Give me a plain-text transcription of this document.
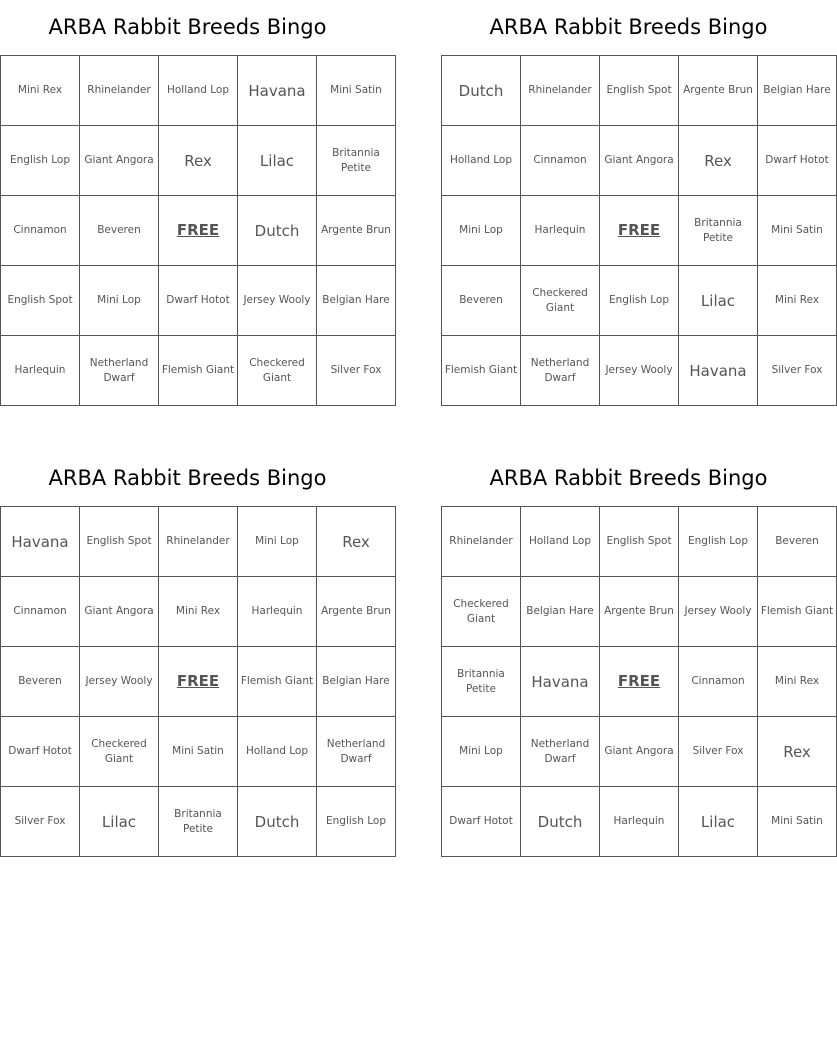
ARBA Rabbit Breeds Bingo
Mini Rex	Rhinelander	Holland Lop	Havana	Mini Satin
English Lop	Giant Angora	Rex	Lilac	Britannia Petite
Cinnamon	Beveren	FREE	Dutch	Argente Brun
English Spot	Mini Lop	Dwarf Hotot	Jersey Wooly	Belgian Hare
Harlequin	Netherland Dwarf	Flemish Giant	Checkered Giant	Silver Fox
ARBA Rabbit Breeds Bingo
Dutch	Rhinelander	English Spot	Argente Brun	Belgian Hare
Holland Lop	Cinnamon	Giant Angora	Rex	Dwarf Hotot
Mini Lop	Harlequin	FREE	Britannia Petite	Mini Satin
Beveren	Checkered Giant	English Lop	Lilac	Mini Rex
Flemish Giant	Netherland Dwarf	Jersey Wooly	Havana	Silver Fox
ARBA Rabbit Breeds Bingo
Havana	English Spot	Rhinelander	Mini Lop	Rex
Cinnamon	Giant Angora	Mini Rex	Harlequin	Argente Brun
Beveren	Jersey Wooly	FREE	Flemish Giant	Belgian Hare
Dwarf Hotot	Checkered Giant	Mini Satin	Holland Lop	Netherland Dwarf
Silver Fox	Lilac	Britannia Petite	Dutch	English Lop
ARBA Rabbit Breeds Bingo
Rhinelander	Holland Lop	English Spot	English Lop	Beveren
Checkered Giant	Belgian Hare	Argente Brun	Jersey Wooly	Flemish Giant
Britannia Petite	Havana	FREE	Cinnamon	Mini Rex
Mini Lop	Netherland Dwarf	Giant Angora	Silver Fox	Rex
Dwarf Hotot	Dutch	Harlequin	Lilac	Mini Satin
